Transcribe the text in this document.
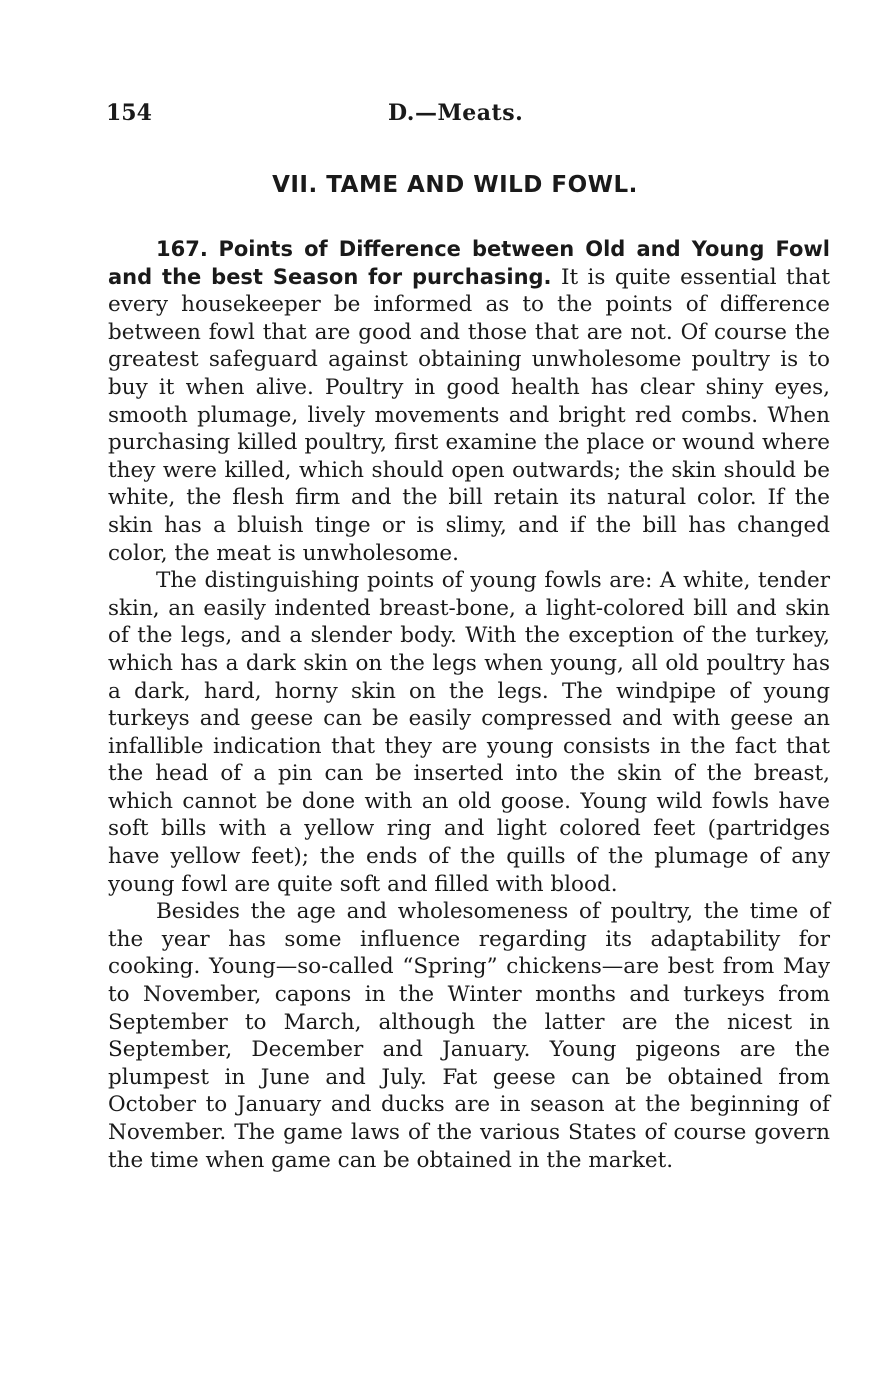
154	D.—Meats.
VII. TAME AND WILD FOWL.

167. Points of Difference between Old and Young Fowl and the best Season for purchasing. It is quite essential that every housekeeper be informed as to the points of difference between fowl that are good and those that are not. Of course the greatest safeguard against obtaining unwholesome poultry is to buy it when alive. Poultry in good health has clear shiny eyes, smooth plumage, lively movements and bright red combs. When purchasing killed poultry, first examine the place or wound where they were killed, which should open outwards; the skin should be white, the flesh firm and the bill retain its natural color. If the skin has a bluish tinge or is slimy, and if the bill has changed color, the meat is unwholesome.

The distinguishing points of young fowls are: A white, tender skin, an easily indented breast-bone, a light-colored bill and skin of the legs, and a slender body. With the exception of the turkey, which has a dark skin on the legs when young, all old poultry has a dark, hard, horny skin on the legs. The windpipe of young turkeys and geese can be easily compressed and with geese an infallible indication that they are young consists in the fact that the head of a pin can be inserted into the skin of the breast, which cannot be done with an old goose. Young wild fowls have soft bills with a yellow ring and light colored feet (partridges have yellow feet); the ends of the quills of the plumage of any young fowl are quite soft and filled with blood.

Besides the age and wholesomeness of poultry, the time of the year has some influence regarding its adaptability for cooking. Young—so-called “Spring” chickens—are best from May to November, capons in the Winter months and turkeys from September to March, although the latter are the nicest in September, December and January. Young pigeons are the plumpest in June and July. Fat geese can be obtained from October to January and ducks are in season at the beginning of November. The game laws of the various States of course govern the time when game can be obtained in the market.
